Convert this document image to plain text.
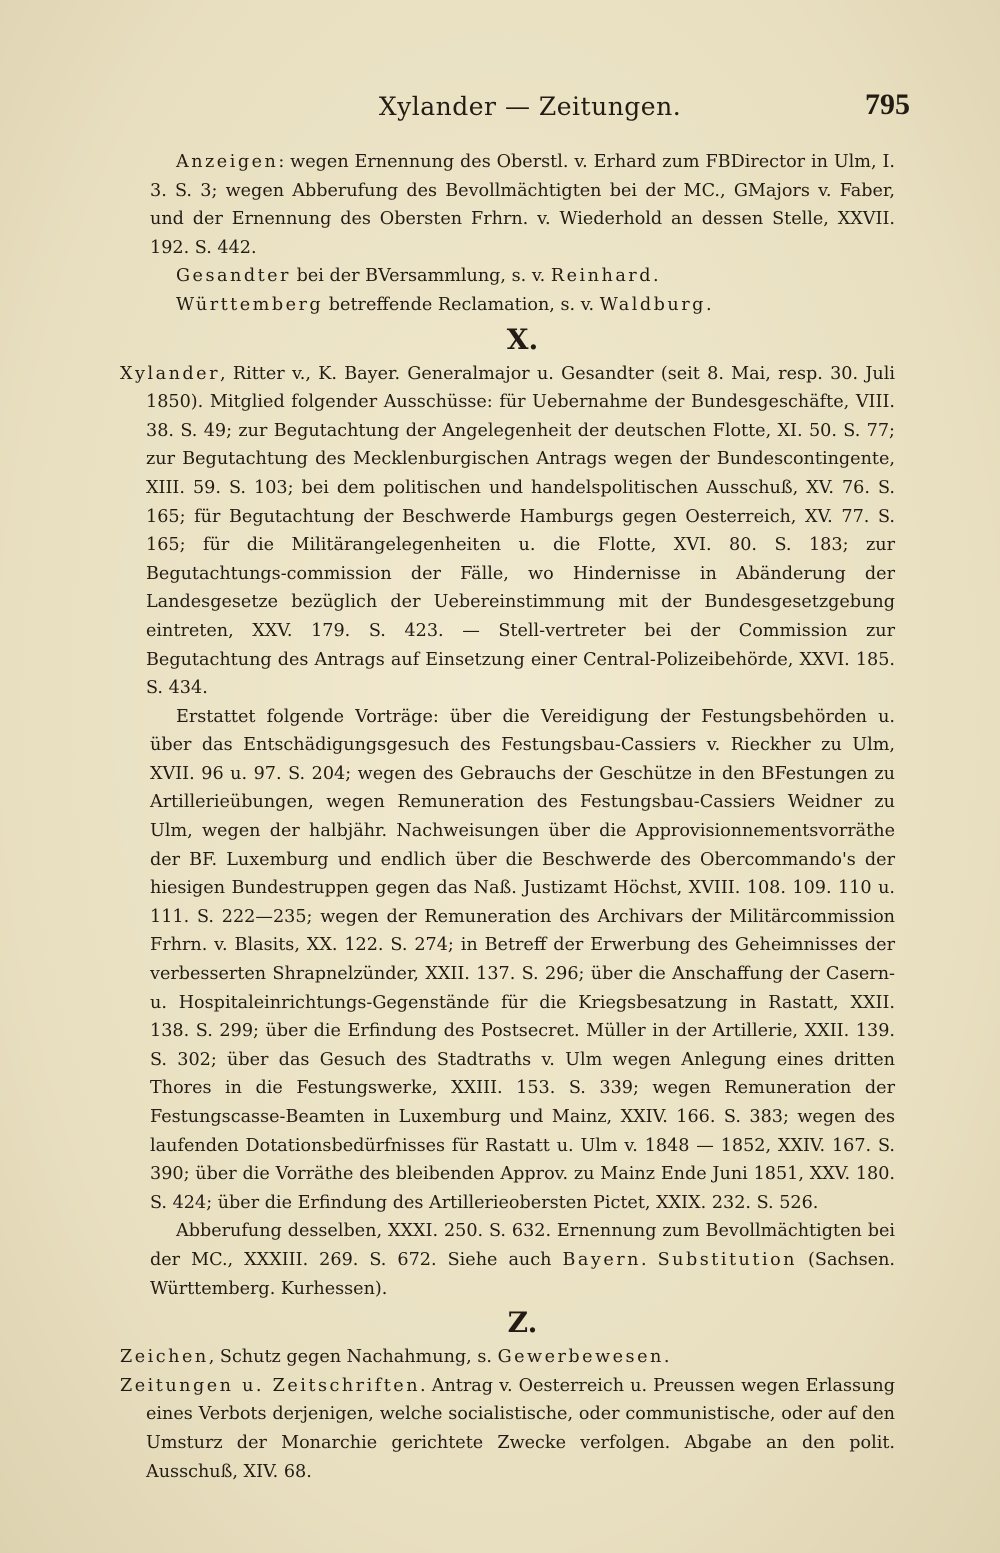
Xylander — Zeitungen.	795

Anzeigen: wegen Ernennung des Oberstl. v. Erhard zum FBDirector in Ulm, I. 3. S. 3; wegen Abberufung des Bevollmächtigten bei der MC., GMajors v. Faber, und der Ernennung des Obersten Frhrn. v. Wiederhold an dessen Stelle, XXVII. 192. S. 442.

Gesandter bei der BVersammlung, s. v. Reinhard.

Württemberg betreffende Reclamation, s. v. Waldburg.

X.

Xylander, Ritter v., K. Bayer. Generalmajor u. Gesandter (seit 8. Mai, resp. 30. Juli 1850). Mitglied folgender Ausschüsse: für Uebernahme der Bundesgeschäfte, VIII. 38. S. 49; zur Begutachtung der Angelegenheit der deutschen Flotte, XI. 50. S. 77; zur Begutachtung des Mecklenburgischen Antrags wegen der Bundescontingente, XIII. 59. S. 103; bei dem politischen und handelspolitischen Ausschuß, XV. 76. S. 165; für Begutachtung der Beschwerde Hamburgs gegen Oesterreich, XV. 77. S. 165; für die Militärangelegenheiten u. die Flotte, XVI. 80. S. 183; zur Begutachtungs-commission der Fälle, wo Hindernisse in Abänderung der Landesgesetze bezüglich der Uebereinstimmung mit der Bundesgesetzgebung eintreten, XXV. 179. S. 423. — Stell-vertreter bei der Commission zur Begutachtung des Antrags auf Einsetzung einer Central-Polizeibehörde, XXVI. 185. S. 434.

Erstattet folgende Vorträge: über die Vereidigung der Festungsbehörden u. über das Entschädigungsgesuch des Festungsbau-Cassiers v. Rieckher zu Ulm, XVII. 96 u. 97. S. 204; wegen des Gebrauchs der Geschütze in den BFestungen zu Artillerieübungen, wegen Remuneration des Festungsbau-Cassiers Weidner zu Ulm, wegen der halbjähr. Nachweisungen über die Approvisionnementsvorräthe der BF. Luxemburg und endlich über die Beschwerde des Obercommando's der hiesigen Bundestruppen gegen das Naß. Justizamt Höchst, XVIII. 108. 109. 110 u. 111. S. 222—235; wegen der Remuneration des Archivars der Militärcommission Frhrn. v. Blasits, XX. 122. S. 274; in Betreff der Erwerbung des Geheimnisses der verbesserten Shrapnelzünder, XXII. 137. S. 296; über die Anschaffung der Casern- u. Hospitaleinrichtungs-Gegenstände für die Kriegsbesatzung in Rastatt, XXII. 138. S. 299; über die Erfindung des Postsecret. Müller in der Artillerie, XXII. 139. S. 302; über das Gesuch des Stadtraths v. Ulm wegen Anlegung eines dritten Thores in die Festungswerke, XXIII. 153. S. 339; wegen Remuneration der Festungscasse-Beamten in Luxemburg und Mainz, XXIV. 166. S. 383; wegen des laufenden Dotationsbedürfnisses für Rastatt u. Ulm v. 1848 — 1852, XXIV. 167. S. 390; über die Vorräthe des bleibenden Approv. zu Mainz Ende Juni 1851, XXV. 180. S. 424; über die Erfindung des Artillerieobersten Pictet, XXIX. 232. S. 526.

Abberufung desselben, XXXI. 250. S. 632. Ernennung zum Bevollmächtigten bei der MC., XXXIII. 269. S. 672. Siehe auch Bayern. Substitution (Sachsen. Württemberg. Kurhessen).

Z.

Zeichen, Schutz gegen Nachahmung, s. Gewerbewesen.

Zeitungen u. Zeitschriften. Antrag v. Oesterreich u. Preussen wegen Erlassung eines Verbots derjenigen, welche socialistische, oder communistische, oder auf den Umsturz der Monarchie gerichtete Zwecke verfolgen. Abgabe an den polit. Ausschuß, XIV. 68.
